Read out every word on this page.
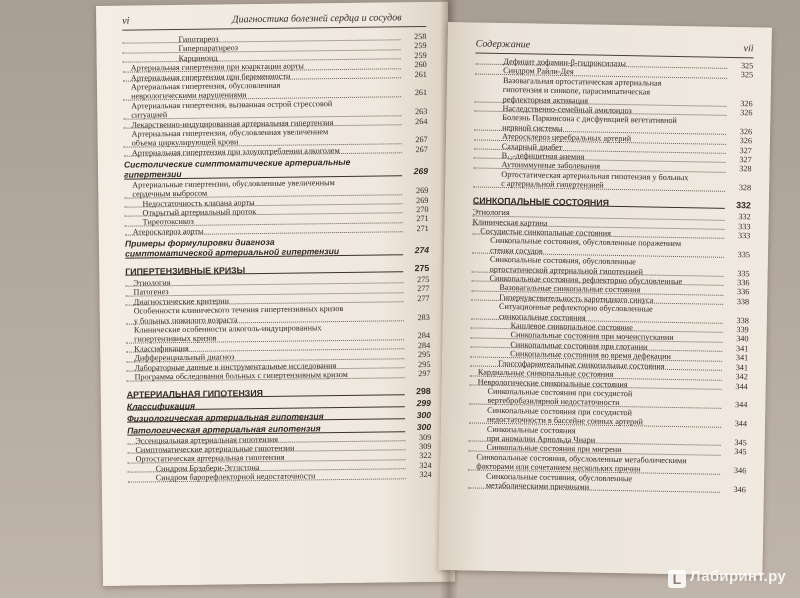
vi	Диагностика болезней сердца и сосудов
Гипотиреоз	258
Гиперпаратиреоз	259
Карциноид	259
Артериальная гипертензия при коарктации аорты	260
Артериальная гипертензия при беременности	261
Артериальная гипертензия, обусловленная
неврологическими нарушениями	261
Артериальная гипертензия, вызванная острой стрессовой
ситуацией	263
Лекарственно-индуцированная артериальная гипертензия	264
Артериальная гипертензия, обусловленная увеличением
объема циркулирующей крови	267
Артериальная гипертензия при злоупотреблении алкоголем	267
Систолические симптоматические артериальные
гипертензии	269
Артериальные гипертензии, обусловленные увеличенным
сердечным выбросом	269
Недостаточность клапана аорты	269
Открытый артериальный проток	270
Тиреотоксикоз	271
Атеросклероз аорты	271
Примеры формулировки диагноза
симптоматической артериальной гипертензии	274
ГИПЕРТЕНЗИВНЫЕ КРИЗЫ	275
Этиология	275
Патогенез	277
Диагностические критерии	277
Особенности клинического течения гипертензивных кризов
у больных пожилого возраста	283
Клинические особенности алкоголь-индуцированных
гипертензивных кризов	284
Классификация	284
Дифференциальный диагноз	295
Лабораторные данные и инструментальные исследования	295
Программа обследования больных с гипертензивным кризом	297
АРТЕРИАЛЬНАЯ ГИПОТЕНЗИЯ	298
Классификация	299
Физиологическая артериальная гипотензия	300
Патологическая артериальная гипотензия	300
Эссенциальная артериальная гипотензия	309
Симптоматические артериальные гипотензии	309
Ортостатическая артериальная гипотензия	322
Синдром Брэдбери-Эгглстона	324
Синдром барорефлекторной недостаточности	324
Содержание	vii
Дефицит дофамин-β-гидроксилазы	325
Синдром Райли-Дея	325
Вазовагальная ортостатическая артериальная
гипотензия и синкопе, парасимпатическая
рефлекторная активация	326
Наследственно-семейный амилоидоз	326
Болезнь Паркинсона с дисфункцией вегетативной
нервной системы	326
Атеросклероз церебральных артерий	326
Сахарный диабет	327
B₁₂-дефицитная анемия	327
Аутоиммунные заболевания	328
Ортостатическая артериальная гипотензия у больных
с артериальной гипертензией	328
СИНКОПАЛЬНЫЕ СОСТОЯНИЯ	332
Этиология	332
Клиническая картина	333
Сосудистые синкопальные состояния	333
Синкопальные состояния, обусловленные поражением
стенки сосудов	335
Синкопальные состояния, обусловленные
ортостатической артериальной гипотензией	335
Синкопальные состояния, рефлекторно обусловленные	336
Вазовагальные синкопальные состояния	336
Гиперчувствительность каротидного синуса	338
Ситуационные рефлекторно обусловленные
синкопальные состояния	338
Кашлевое синкопальное состояние	339
Синкопальные состояния при мочеиспускании	340
Синкопальные состояния при глотании	341
Синкопальные состояния во время дефекации	341
Глоссофарингеальные синкопальные состояния	341
Кардиальные синкопальные состояния	342
Неврологические синкопальные состояния	344
Синкопальные состояния при сосудистой
вертебробазилярной недостаточности	344
Синкопальные состояния при сосудистой
недостаточности в бассейне сонных артерий	344
Синкопальные состояния
при аномалии Арнольда Чиари	345
Синкопальные состояния при мигрени	345
Синкопальные состояния, обусловленные метаболическими
факторами или сочетанием нескольких причин	346
Синкопальные состояния, обусловленные
метаболическими причинами	346
L Лабиринт.ру
